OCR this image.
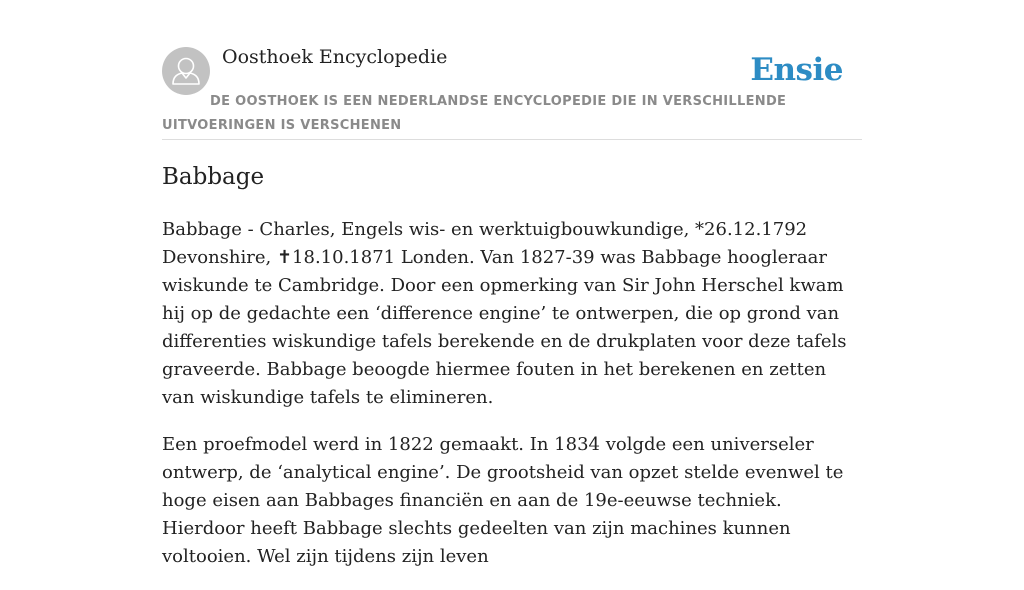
Oosthoek Encyclopedie	Ensie
DE OOSTHOEK IS EEN NEDERLANDSE ENCYCLOPEDIE DIE IN VERSCHILLENDE UITVOERINGEN IS VERSCHENEN
Babbage

Babbage - Charles, Engels wis- en werktuigbouwkundige, *26.12.1792 Devonshire, ✝18.10.1871 Londen. Van 1827-39 was Babbage hoogleraar wiskunde te Cambridge. Door een opmerking van Sir John Herschel kwam hij op de gedachte een ‘difference engine’ te ontwerpen, die op grond van differenties wiskundige tafels berekende en de drukplaten voor deze tafels graveerde. Babbage beoogde hiermee fouten in het berekenen en zetten van wiskundige tafels te elimineren.

Een proefmodel werd in 1822 gemaakt. In 1834 volgde een universeler ontwerp, de ‘analytical engine’. De grootsheid van opzet stelde evenwel te hoge eisen aan Babbages financiën en aan de 19e-eeuwse techniek. Hierdoor heeft Babbage slechts gedeelten van zijn machines kunnen voltooien. Wel zijn tijdens zijn leven
